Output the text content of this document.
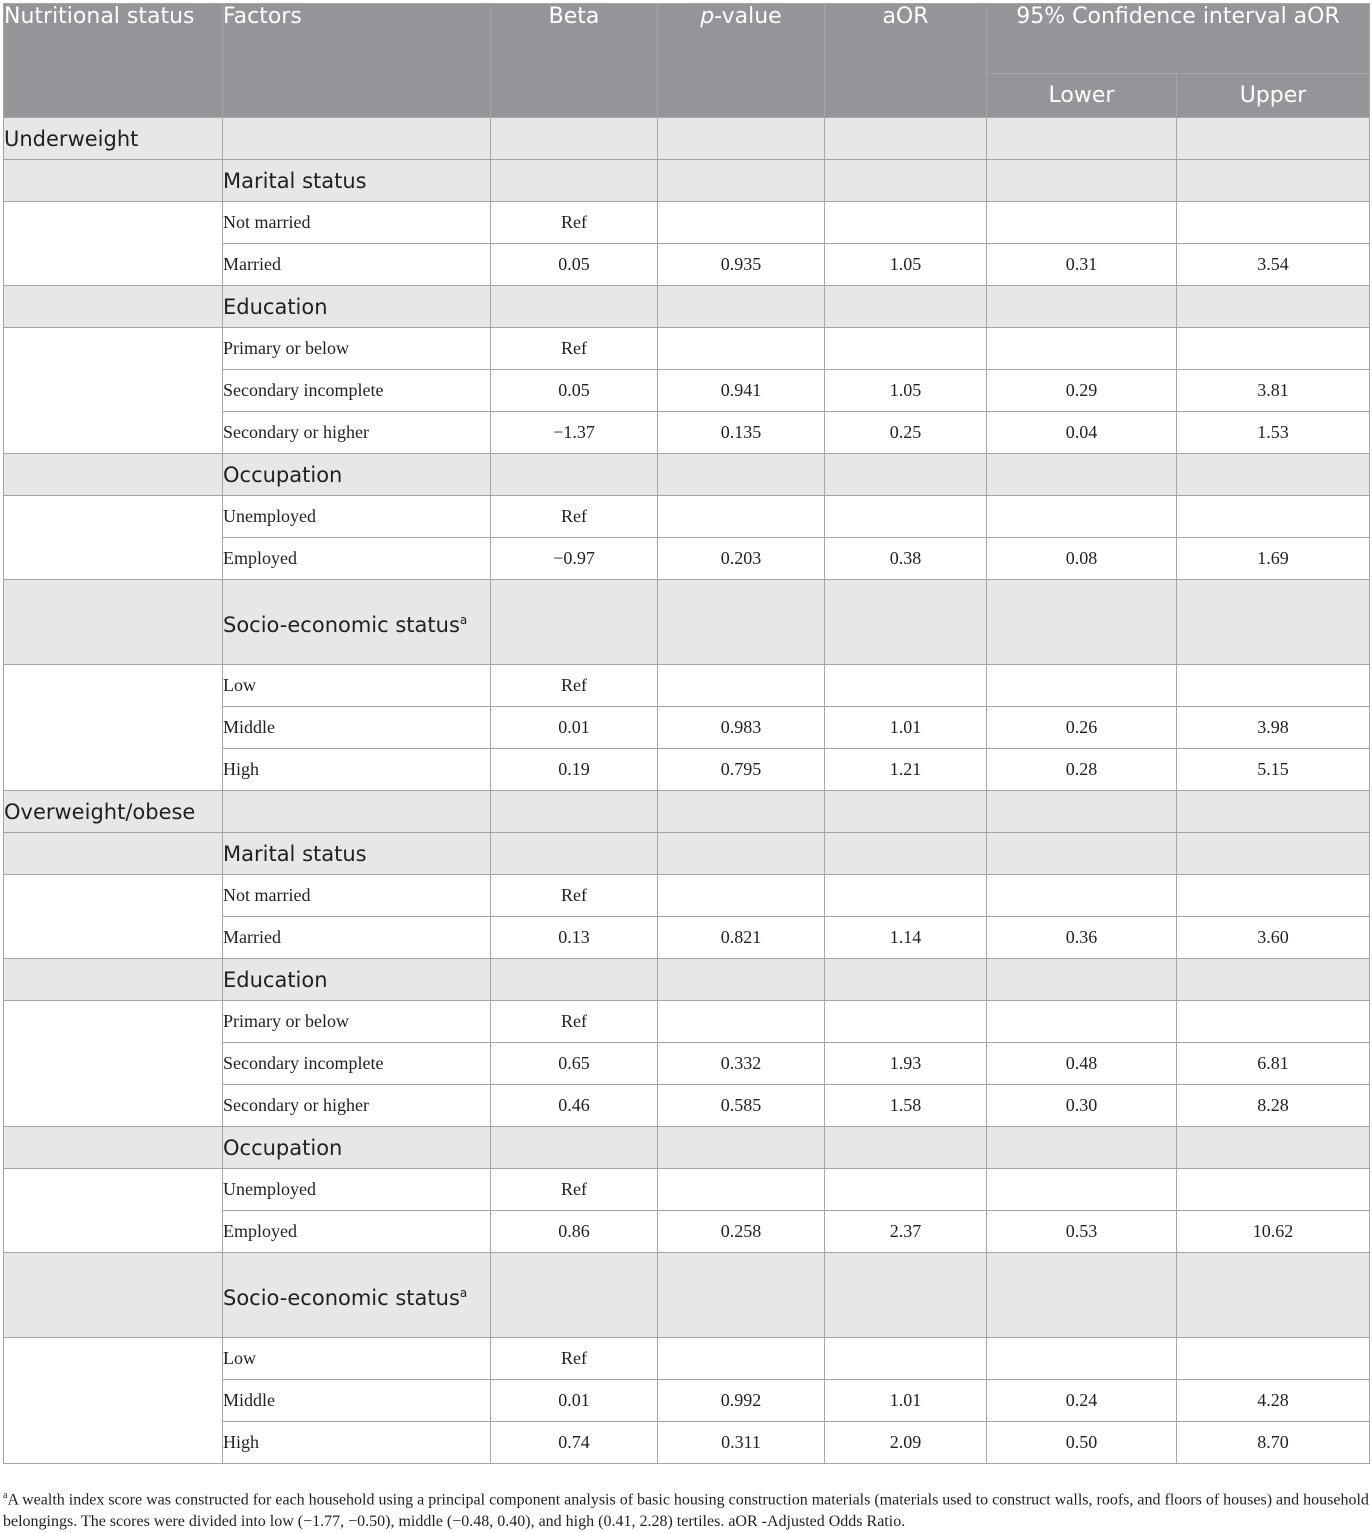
Nutritional status	Factors	Beta	p-value	aOR	95% Confidence interval aOR	
					Lower	Upper
Underweight						
	Marital status					
	Not married	Ref				
	Married	0.05	0.935	1.05	0.31	3.54
	Education					
	Primary or below	Ref				
	Secondary incomplete	0.05	0.941	1.05	0.29	3.81
	Secondary or higher	−1.37	0.135	0.25	0.04	1.53
	Occupation					
	Unemployed	Ref				
	Employed	−0.97	0.203	0.38	0.08	1.69
	Socio-economic status$^a$					
	Low	Ref				
	Middle	0.01	0.983	1.01	0.26	3.98
	High	0.19	0.795	1.21	0.28	5.15
Overweight/obese						
	Marital status					
	Not married	Ref				
	Married	0.13	0.821	1.14	0.36	3.60
	Education					
	Primary or below	Ref				
	Secondary incomplete	0.65	0.332	1.93	0.48	6.81
	Secondary or higher	0.46	0.585	1.58	0.30	8.28
	Occupation					
	Unemployed	Ref				
	Employed	0.86	0.258	2.37	0.53	10.62
	Socio-economic status$^a$					
	Low	Ref				
	Middle	0.01	0.992	1.01	0.24	4.28
	High	0.74	0.311	2.09	0.50	8.70
$^a$A wealth index score was constructed for each household using a principal component analysis of basic housing construction materials (materials used to construct walls, roofs, and floors of houses) and household belongings. The scores were divided into low (−1.77, −0.50), middle (−0.48, 0.40), and high (0.41, 2.28) tertiles. aOR -Adjusted Odds Ratio.
